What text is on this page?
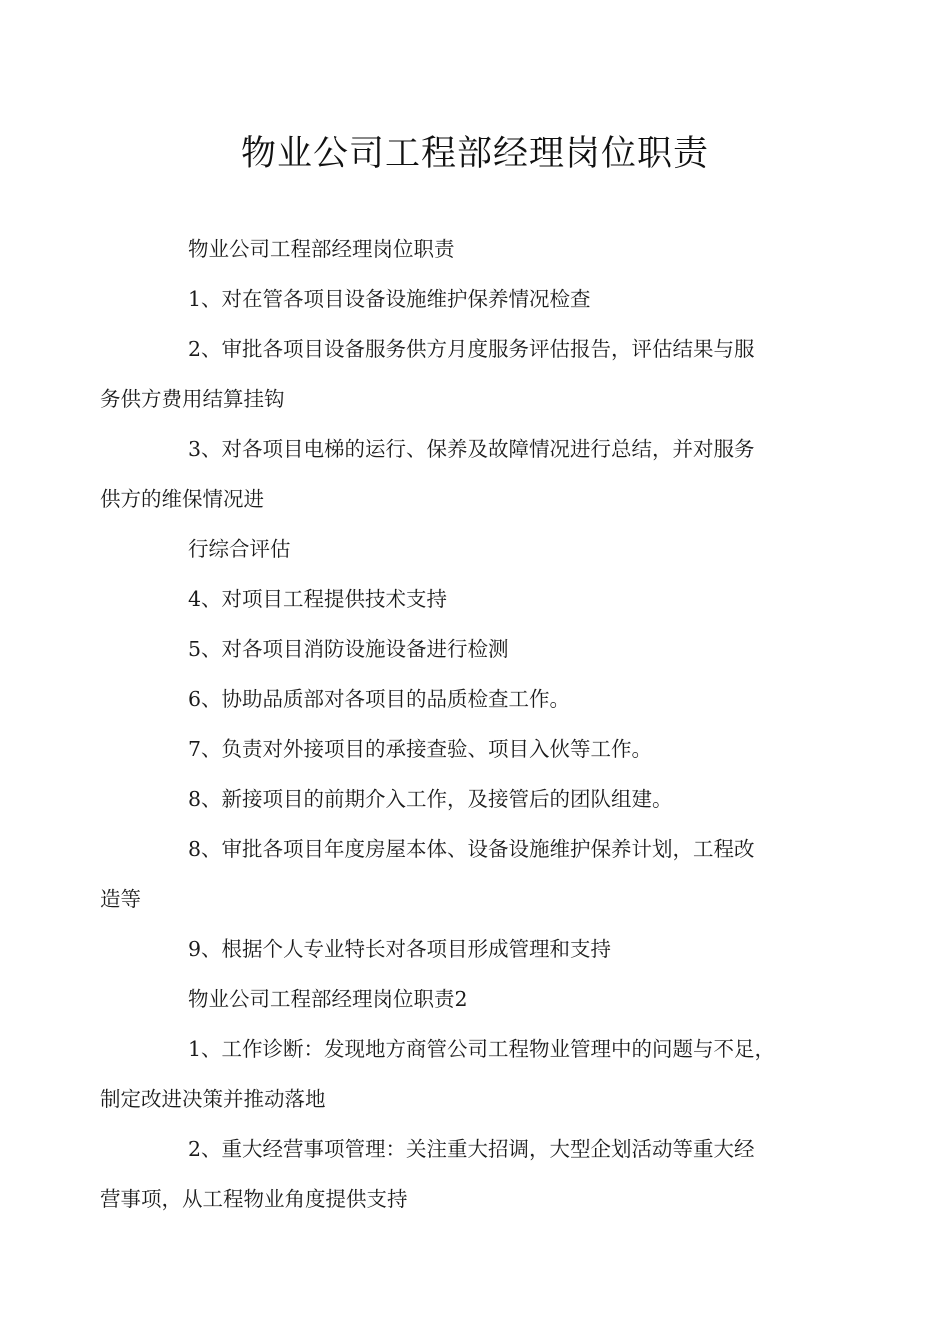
物业公司工程部经理岗位职责

物业公司工程部经理岗位职责

1、对在管各项目设备设施维护保养情况检查

2、审批各项目设备服务供方月度服务评估报告，评估结果与服
务供方费用结算挂钩

3、对各项目电梯的运行、保养及故障情况进行总结，并对服务
供方的维保情况进

行综合评估

4、对项目工程提供技术支持

5、对各项目消防设施设备进行检测

6、协助品质部对各项目的品质检查工作。

7、负责对外接项目的承接查验、项目入伙等工作。

8、新接项目的前期介入工作，及接管后的团队组建。

8、审批各项目年度房屋本体、设备设施维护保养计划，工程改
造等

9、根据个人专业特长对各项目形成管理和支持

物业公司工程部经理岗位职责2

1、工作诊断：发现地方商管公司工程物业管理中的问题与不足，
制定改进决策并推动落地

2、重大经营事项管理：关注重大招调，大型企划活动等重大经
营事项，从工程物业角度提供支持
